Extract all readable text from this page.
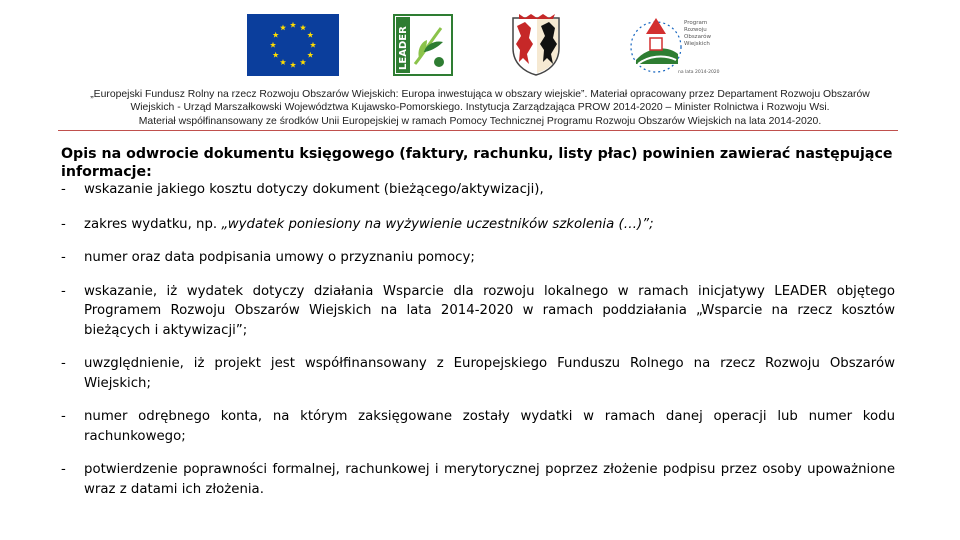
LEADER
Program
Rozwoju
Obszarów
Wiejskich
na lata 2014-2020
„Europejski Fundusz Rolny na rzecz Rozwoju Obszarów Wiejskich: Europa inwestująca w obszary wiejskie”. Materiał opracowany przez Departament Rozwoju Obszarów
Wiejskich - Urząd Marszałkowski Województwa Kujawsko-Pomorskiego. Instytucja Zarządzająca PROW 2014-2020 – Minister Rolnictwa i Rozwoju Wsi.
Materiał współfinansowany ze środków Unii Europejskiej w ramach Pomocy Technicznej Programu Rozwoju Obszarów Wiejskich na lata 2014-2020.
Opis na odwrocie dokumentu księgowego (faktury, rachunku, listy płac) powinien zawierać następujące informacje:
- wskazanie jakiego kosztu dotyczy dokument (bieżącego/aktywizacji),
- zakres wydatku, np. „wydatek poniesiony na wyżywienie uczestników szkolenia (…)”;
- numer oraz data podpisania umowy o przyznaniu pomocy;
- wskazanie, iż wydatek dotyczy działania Wsparcie dla rozwoju lokalnego w ramach inicjatywy LEADER objętego Programem Rozwoju Obszarów Wiejskich na lata 2014-2020 w ramach poddziałania „Wsparcie na rzecz kosztów bieżących i aktywizacji”;
- uwzględnienie, iż projekt jest współfinansowany z Europejskiego Funduszu Rolnego na rzecz Rozwoju Obszarów Wiejskich;
- numer odrębnego konta, na którym zaksięgowane zostały wydatki w ramach danej operacji lub numer kodu rachunkowego;
- potwierdzenie poprawności formalnej, rachunkowej i merytorycznej poprzez złożenie podpisu przez osoby upoważnione wraz z datami ich złożenia.
